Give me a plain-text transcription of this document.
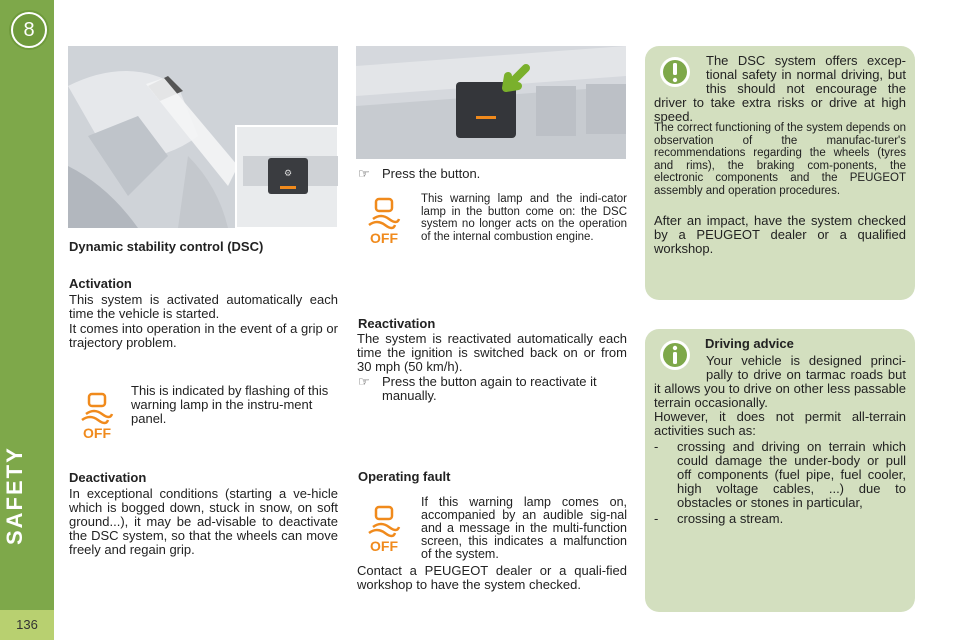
8
SAFETY
136
⚙
Dynamic stability control (DSC)
Activation
This system is activated automatically each time the vehicle is started.
It comes into operation in the event of a grip or trajectory problem.
OFF
This is indicated by flashing of this warning lamp in the instru-ment panel.
Deactivation
In exceptional conditions (starting a ve-hicle which is bogged down, stuck in snow, on soft ground...), it may be ad-visable to deactivate the DSC system, so that the wheels can move freely and regain grip.
☞ Press the button.
OFF
This warning lamp and the indi-cator lamp in the button come on: the DSC system no longer acts on the operation of the internal combustion engine.
Reactivation
The system is reactivated automatically each time the ignition is switched back on or from 30 mph (50 km/h).
☞ Press the button again to reactivate it manually.
Operating fault
OFF
If this warning lamp comes on, accompanied by an audible sig-nal and a message in the multi-function screen, this indicates a malfunction of the system.
Contact a PEUGEOT dealer or a quali-fied workshop to have the system checked.
The DSC system offers excep-tional safety in normal driving, but this should not encourage the driver to take extra risks or drive at high speed.
The correct functioning of the system depends on observation of the manufac-turer's recommendations regarding the wheels (tyres and rims), the braking com-ponents, the electronic components and the PEUGEOT assembly and operation procedures.
After an impact, have the system checked by a PEUGEOT dealer or a qualified workshop.
Driving advice
Your vehicle is designed princi-pally to drive on tarmac roads but it allows you to drive on other less passable terrain occasionally.
However, it does not permit all-terrain activities such as:
- crossing and driving on terrain which could damage the under-body or pull off components (fuel pipe, fuel cooler, high voltage cables, ...) due to obstacles or stones in particular,
- crossing a stream.
